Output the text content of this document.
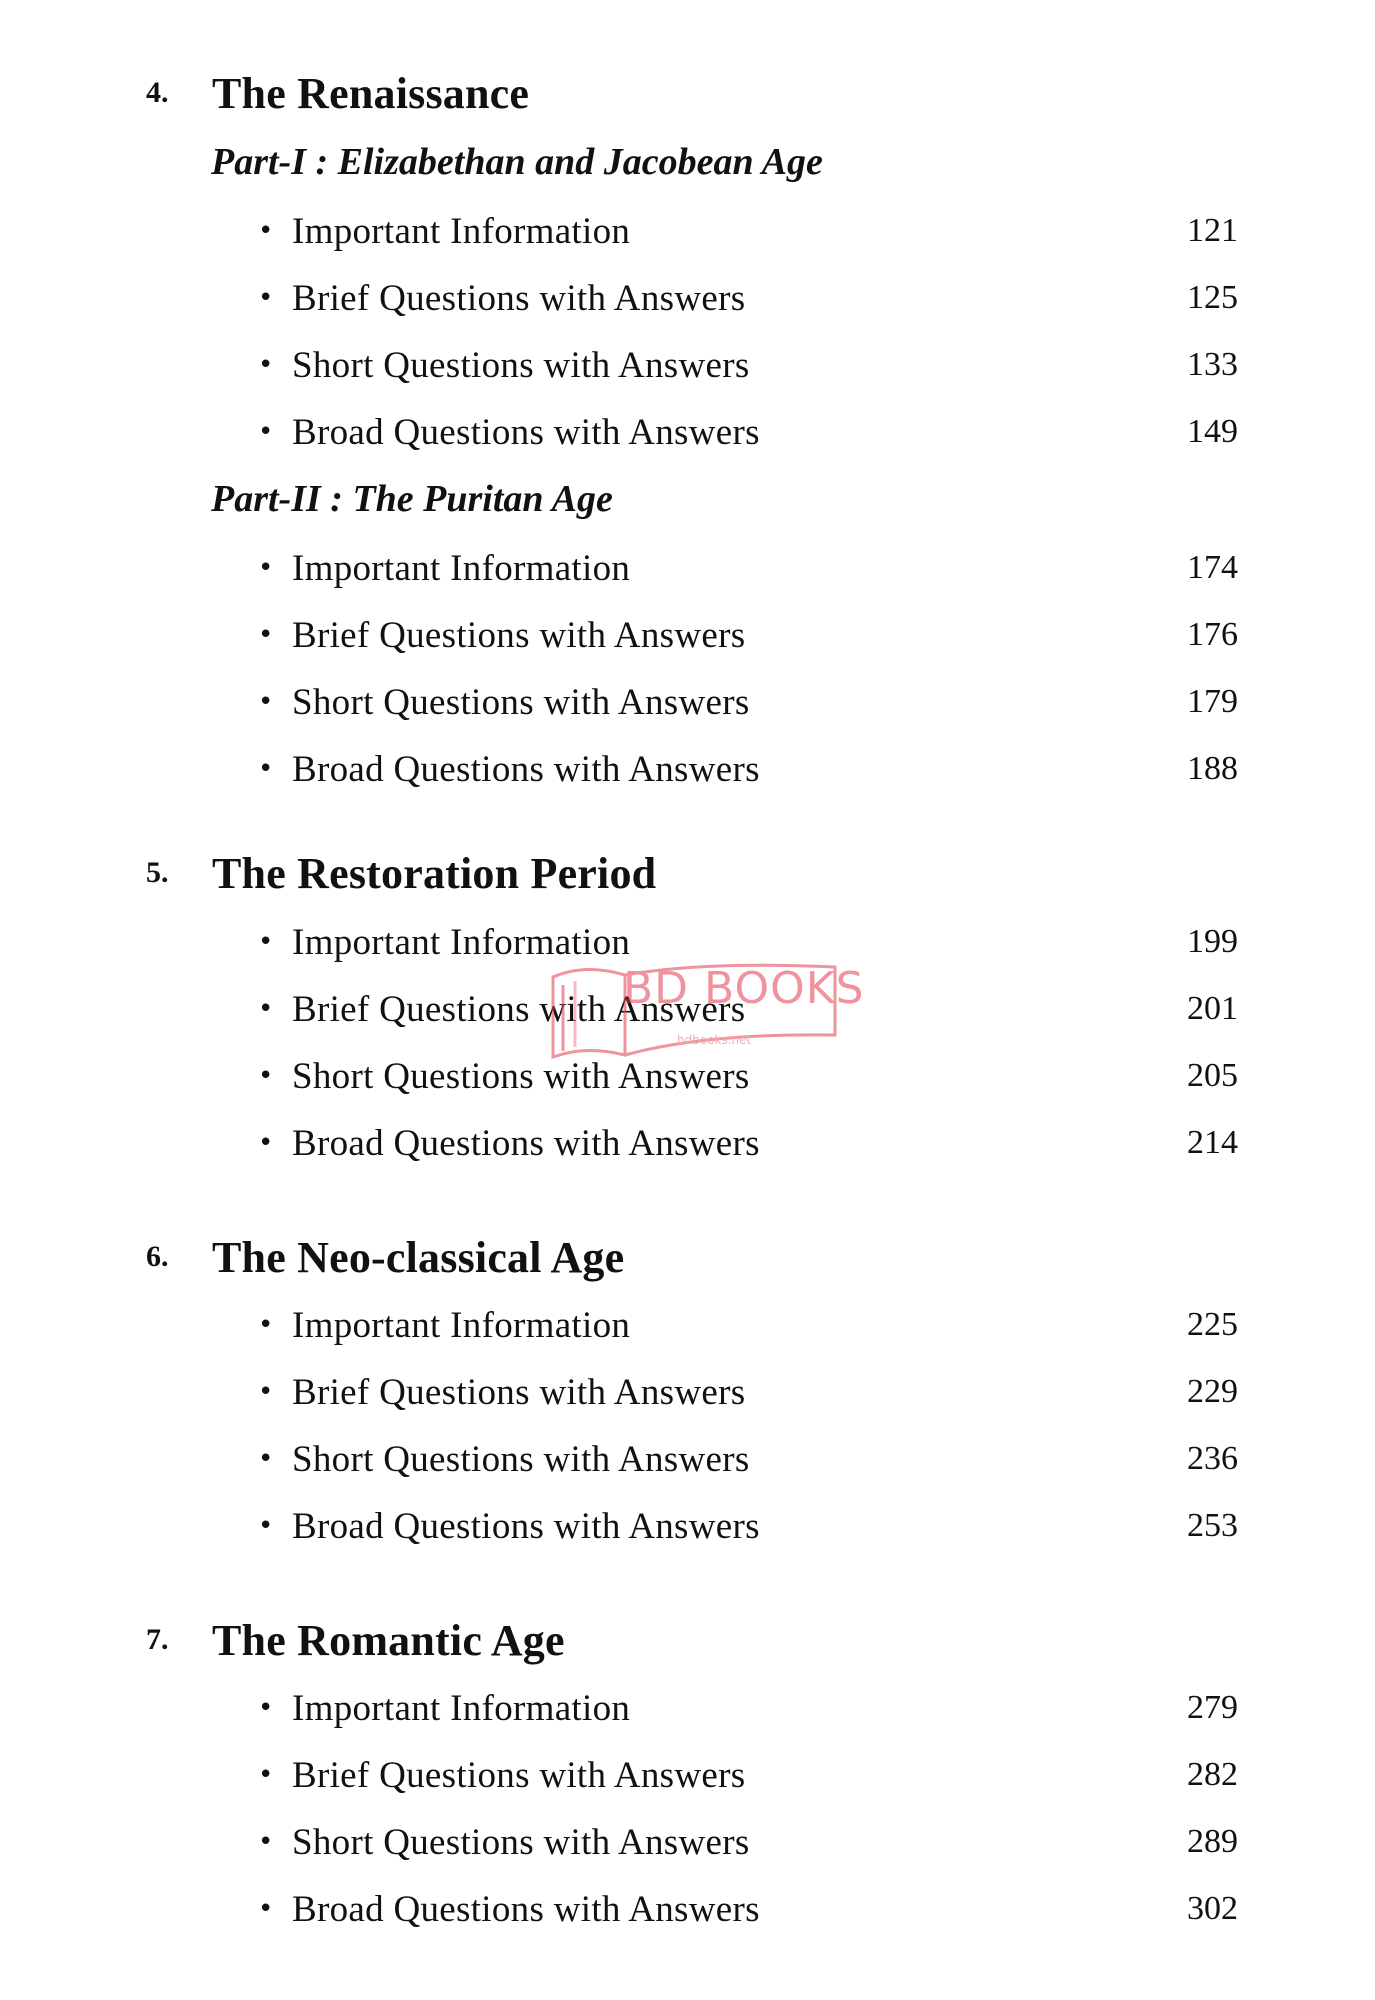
4. The Renaissance
Part-I : Elizabethan and Jacobean Age
• Important Information	121
• Brief Questions with Answers	125
• Short Questions with Answers	133
• Broad Questions with Answers	149
Part-II : The Puritan Age
• Important Information	174
• Brief Questions with Answers	176
• Short Questions with Answers	179
• Broad Questions with Answers	188
5. The Restoration Period
• Important Information	199
• Brief Questions with Answers	201
• Short Questions with Answers	205
• Broad Questions with Answers	214
6. The Neo-classical Age
• Important Information	225
• Brief Questions with Answers	229
• Short Questions with Answers	236
• Broad Questions with Answers	253
7. The Romantic Age
• Important Information	279
• Brief Questions with Answers	282
• Short Questions with Answers	289
• Broad Questions with Answers	302
BD BOOKS
bdbooks.net
